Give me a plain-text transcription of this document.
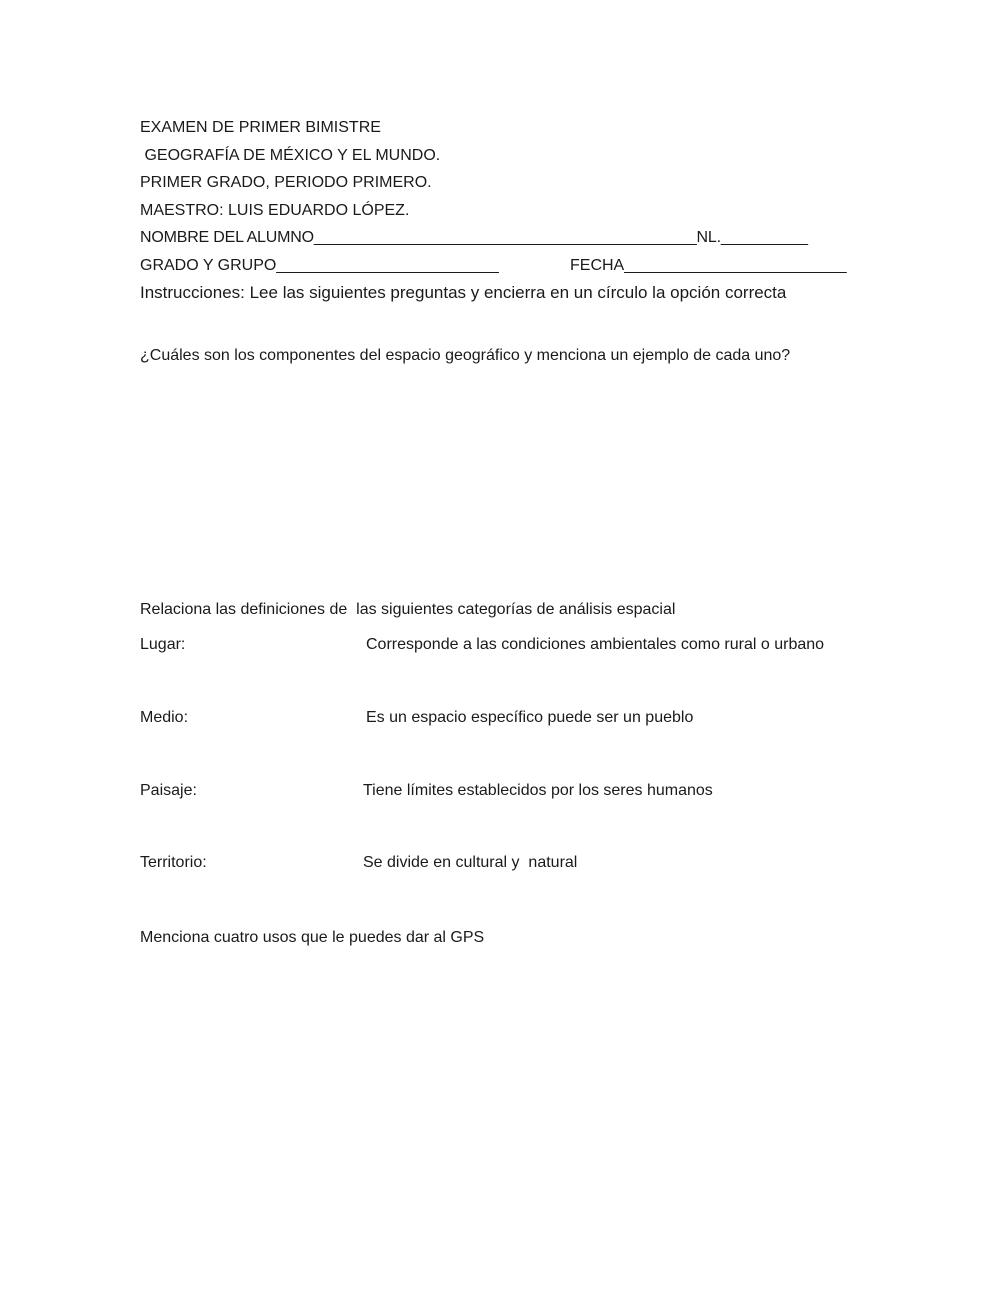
EXAMEN DE PRIMER BIMISTRE
GEOGRAFÍA DE MÉXICO Y EL MUNDO.
PRIMER GRADO, PERIODO PRIMERO.
MAESTRO: LUIS EDUARDO LÓPEZ.
NOMBRE DEL ALUMNO____________________________________________NL.__________
GRADO Y GRUPO_________________________	FECHA_________________________
Instrucciones: Lee las siguientes preguntas y encierra en un círculo la opción correcta
¿Cuáles son los componentes del espacio geográfico y menciona un ejemplo de cada uno?
Relaciona las definiciones de  las siguientes categorías de análisis espacial
Lugar:	Corresponde a las condiciones ambientales como rural o urbano
Medio:	Es un espacio específico puede ser un pueblo
Paisaje:	Tiene límites establecidos por los seres humanos
Territorio:	Se divide en cultural y  natural
Menciona cuatro usos que le puedes dar al GPS
